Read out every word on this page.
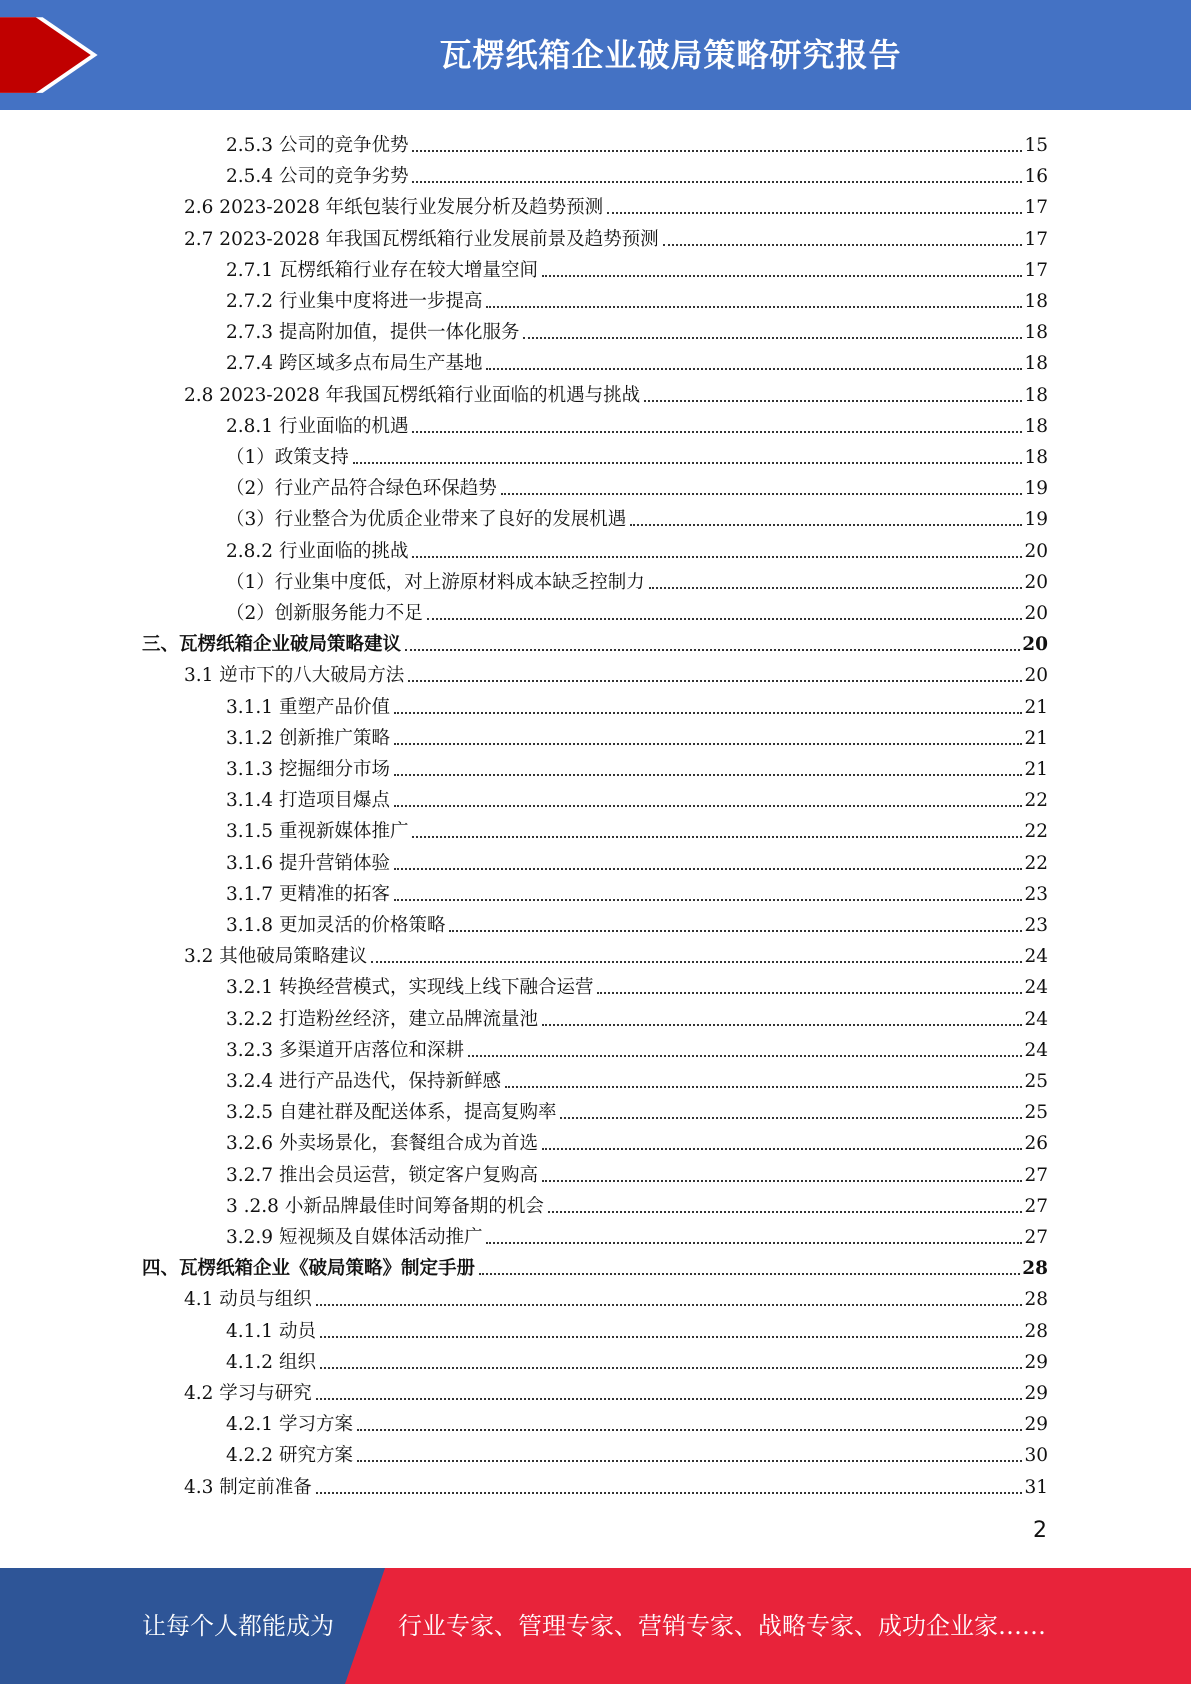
瓦楞纸箱企业破局策略研究报告
2.5.3 公司的竞争优势	15
2.5.4 公司的竞争劣势	16
2.6 2023-2028 年纸包装行业发展分析及趋势预测	17
2.7 2023-2028 年我国瓦楞纸箱行业发展前景及趋势预测	17
2.7.1 瓦楞纸箱行业存在较大增量空间	17
2.7.2 行业集中度将进一步提高	18
2.7.3 提高附加值，提供一体化服务	18
2.7.4 跨区域多点布局生产基地	18
2.8 2023-2028 年我国瓦楞纸箱行业面临的机遇与挑战	18
2.8.1 行业面临的机遇	18
（1）政策支持	18
（2）行业产品符合绿色环保趋势	19
（3）行业整合为优质企业带来了良好的发展机遇	19
2.8.2 行业面临的挑战	20
（1）行业集中度低，对上游原材料成本缺乏控制力	20
（2）创新服务能力不足	20
三、瓦楞纸箱企业破局策略建议	20
3.1 逆市下的八大破局方法	20
3.1.1 重塑产品价值	21
3.1.2 创新推广策略	21
3.1.3 挖掘细分市场	21
3.1.4 打造项目爆点	22
3.1.5 重视新媒体推广	22
3.1.6 提升营销体验	22
3.1.7 更精准的拓客	23
3.1.8 更加灵活的价格策略	23
3.2 其他破局策略建议	24
3.2.1 转换经营模式，实现线上线下融合运营	24
3.2.2 打造粉丝经济，建立品牌流量池	24
3.2.3 多渠道开店落位和深耕	24
3.2.4 进行产品迭代，保持新鲜感	25
3.2.5 自建社群及配送体系，提高复购率	25
3.2.6 外卖场景化，套餐组合成为首选	26
3.2.7 推出会员运营，锁定客户复购高	27
3 .2.8 小新品牌最佳时间筹备期的机会	27
3.2.9 短视频及自媒体活动推广	27
四、瓦楞纸箱企业《破局策略》制定手册	28
4.1 动员与组织	28
4.1.1 动员	28
4.1.2 组织	29
4.2 学习与研究	29
4.2.1 学习方案	29
4.2.2 研究方案	30
4.3 制定前准备	31
2
让每个人都能成为	行业专家、管理专家、营销专家、战略专家、成功企业家……
